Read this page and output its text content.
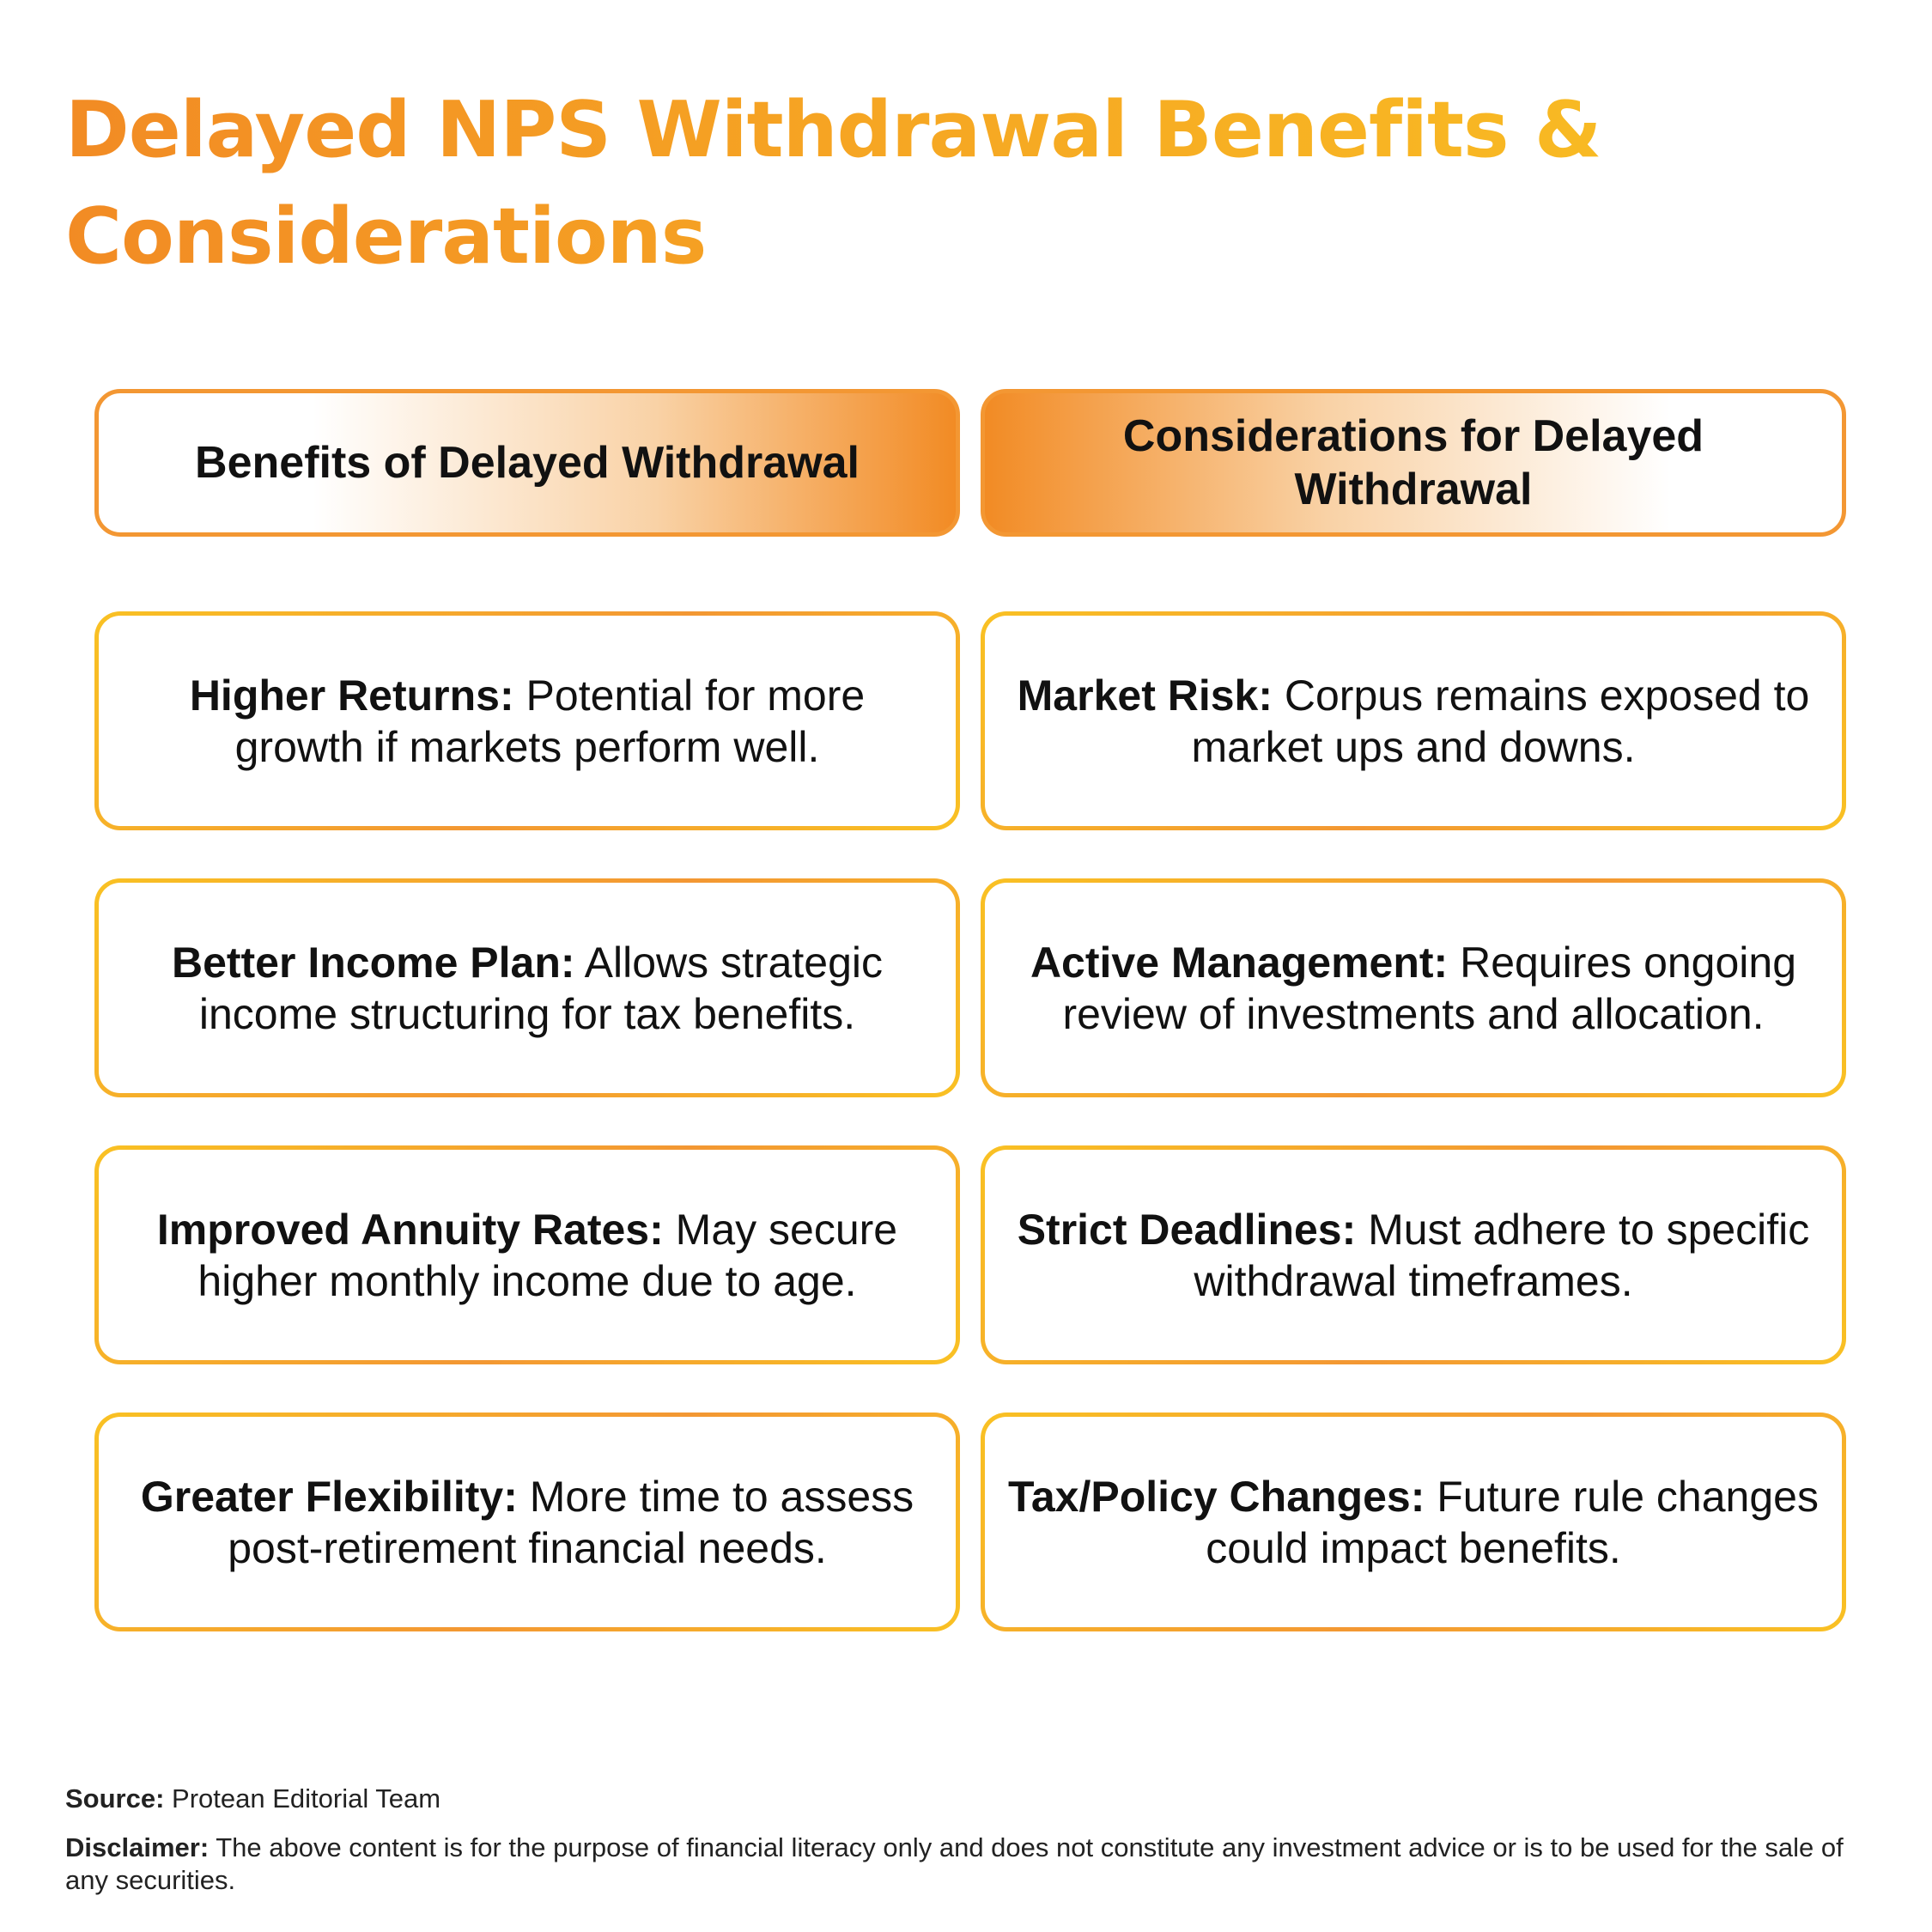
Delayed NPS Withdrawal Benefits & Considerations
Benefits of Delayed Withdrawal
Considerations for Delayed Withdrawal
Higher Returns: Potential for more growth if markets perform well.
Better Income Plan: Allows strategic income structuring for tax benefits.
Improved Annuity Rates: May secure higher monthly income due to age.
Greater Flexibility: More time to assess post-retirement financial needs.
Market Risk: Corpus remains exposed to market ups and downs.
Active Management: Requires ongoing review of investments and allocation.
Strict Deadlines: Must adhere to specific withdrawal timeframes.
Tax/Policy Changes: Future rule changes could impact benefits.
Source: Protean Editorial Team
Disclaimer: The above content is for the purpose of financial literacy only and does not constitute any investment advice or is to be used for the sale of any securities.
